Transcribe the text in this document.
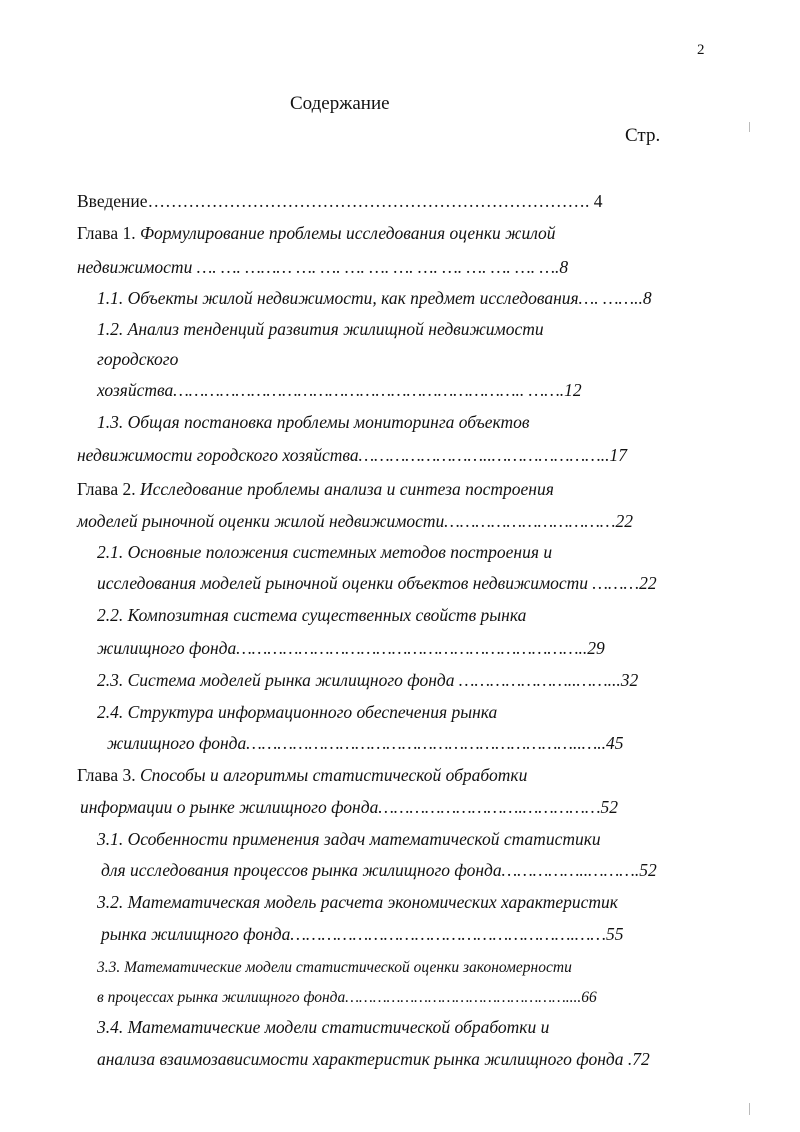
2
Содержание
Стр.
Введение…………………………………………………………………. 4
Глава 1. Формулирование проблемы исследования оценки жилой
недвижимости …. …. ……… …. …. …. …. …. …. …. …. …. …. ….8
1.1. Объекты жилой недвижимости, как предмет исследования…. ……..8
1.2. Анализ тенденций развития жилищной недвижимости
городского
хозяйства………………………………………………………….. …….12
1.3. Общая постановка проблемы мониторинга объектов
недвижимости городского хозяйства……………………..…………………..17
Глава 2. Исследование проблемы анализа и синтеза построения
моделей рыночной оценки жилой недвижимости……………………………22
2.1. Основные положения системных методов построения и
исследования моделей рыночной оценки объектов недвижимости ………22
2.2. Композитная система существенных свойств рынка
жилищного фонда…………………………………………………………..29
2.3. Система моделей рынка жилищного фонда …………………..……...32
2.4. Структура информационного обеспечения рынка
жилищного фонда………………………………………………………..…..45
Глава 3. Способы и алгоритмы статистической обработки
информации о рынке жилищного фонда……………………….……………52
3.1. Особенности применения задач математической статистики
для исследования процессов рынка жилищного фонда……………..……….52
3.2. Математическая модель расчета экономических характеристик
рынка жилищного фонда……………………………………………….……55
3.3. Математические модели статистической оценки закономерности
в процессах рынка жилищного фонда…………………………………………....66
3.4. Математические модели статистической обработки и
анализа взаимозависимости характеристик рынка жилищного фонда .72
